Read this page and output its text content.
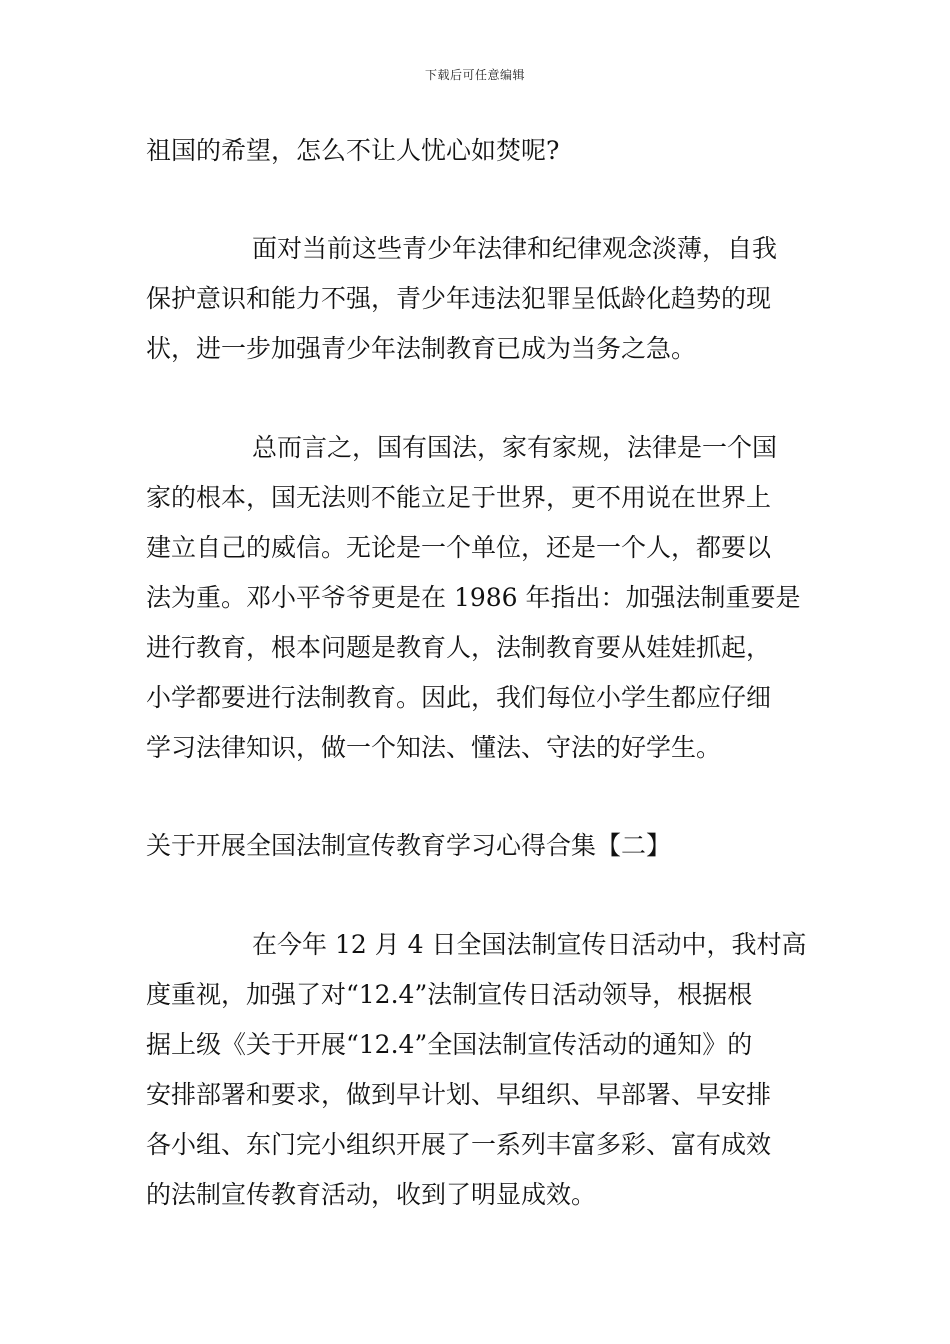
下载后可任意编辑
祖国的希望，怎么不让人忧心如焚呢?
面对当前这些青少年法律和纪律观念淡薄，自我
保护意识和能力不强，青少年违法犯罪呈低龄化趋势的现
状，进一步加强青少年法制教育已成为当务之急。
总而言之，国有国法，家有家规，法律是一个国
家的根本，国无法则不能立足于世界，更不用说在世界上
建立自己的威信。无论是一个单位，还是一个人，都要以
法为重。邓小平爷爷更是在 1986 年指出：加强法制重要是
进行教育，根本问题是教育人，法制教育要从娃娃抓起，
小学都要进行法制教育。因此，我们每位小学生都应仔细
学习法律知识，做一个知法、懂法、守法的好学生。
关于开展全国法制宣传教育学习心得合集【二】
在今年 12 月 4 日全国法制宣传日活动中，我村高
度重视，加强了对“12.4”法制宣传日活动领导，根据根
据上级《关于开展“12.4”全国法制宣传活动的通知》的
安排部署和要求，做到早计划、早组织、早部署、早安排
各小组、东门完小组织开展了一系列丰富多彩、富有成效
的法制宣传教育活动，收到了明显成效。
